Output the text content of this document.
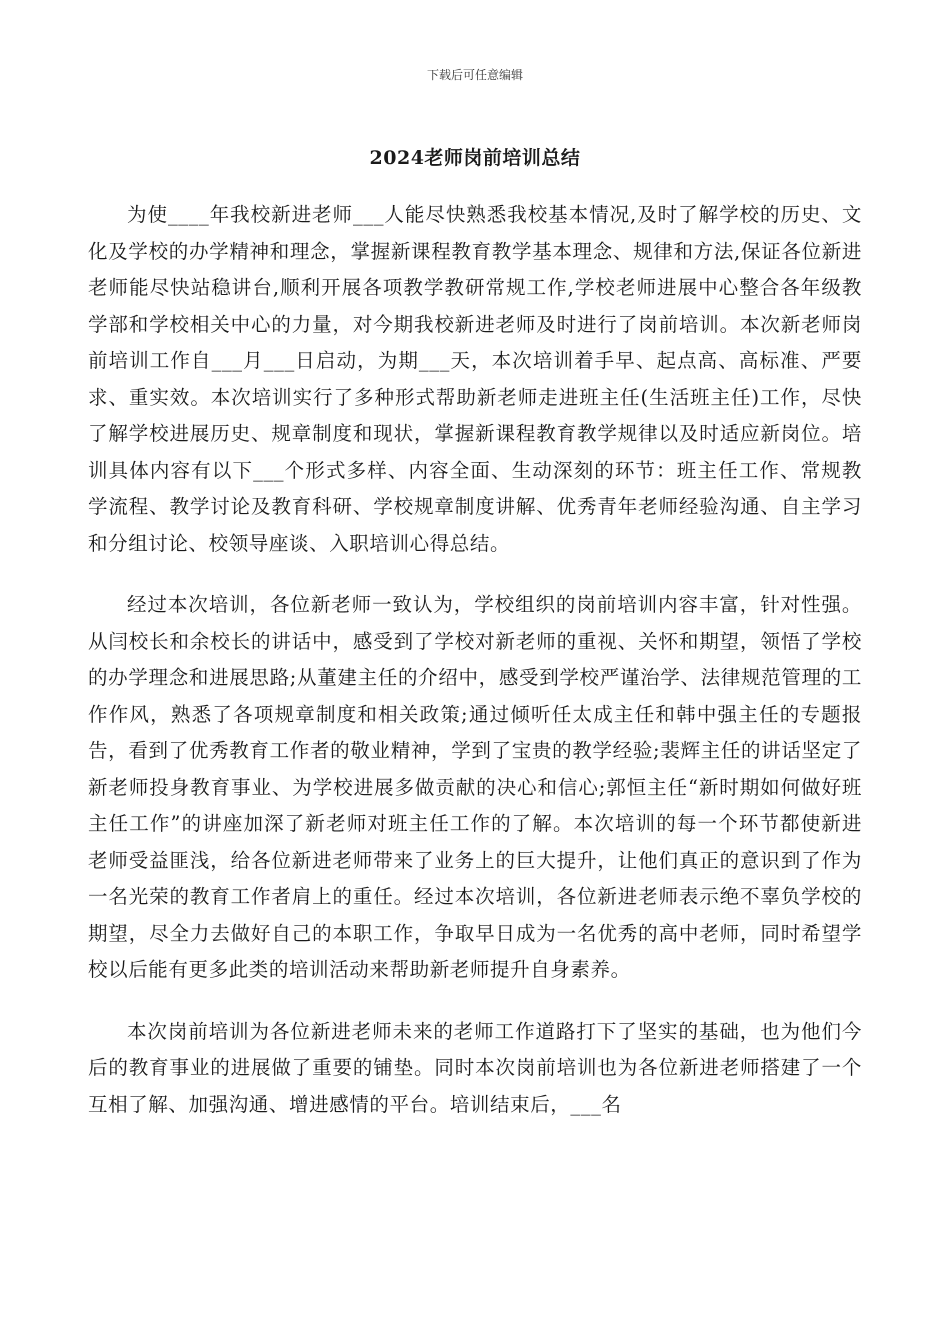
下载后可任意编辑
2024老师岗前培训总结

为使____年我校新进老师___人能尽快熟悉我校基本情况,及时了解学校的历史、文化及学校的办学精神和理念，掌握新课程教育教学基本理念、规律和方法,保证各位新进老师能尽快站稳讲台,顺利开展各项教学教研常规工作,学校老师进展中心整合各年级教学部和学校相关中心的力量，对今期我校新进老师及时进行了岗前培训。本次新老师岗前培训工作自___月___日启动，为期___天，本次培训着手早、起点高、高标准、严要求、重实效。本次培训实行了多种形式帮助新老师走进班主任(生活班主任)工作，尽快了解学校进展历史、规章制度和现状，掌握新课程教育教学规律以及时适应新岗位。培训具体内容有以下___个形式多样、内容全面、生动深刻的环节：班主任工作、常规教学流程、教学讨论及教育科研、学校规章制度讲解、优秀青年老师经验沟通、自主学习和分组讨论、校领导座谈、入职培训心得总结。

经过本次培训，各位新老师一致认为，学校组织的岗前培训内容丰富，针对性强。从闫校长和余校长的讲话中，感受到了学校对新老师的重视、关怀和期望，领悟了学校的办学理念和进展思路;从董建主任的介绍中，感受到学校严谨治学、法律规范管理的工作作风，熟悉了各项规章制度和相关政策;通过倾听任太成主任和韩中强主任的专题报告，看到了优秀教育工作者的敬业精神，学到了宝贵的教学经验;裴辉主任的讲话坚定了新老师投身教育事业、为学校进展多做贡献的决心和信心;郭恒主任“新时期如何做好班主任工作”的讲座加深了新老师对班主任工作的了解。本次培训的每一个环节都使新进老师受益匪浅，给各位新进老师带来了业务上的巨大提升，让他们真正的意识到了作为一名光荣的教育工作者肩上的重任。经过本次培训，各位新进老师表示绝不辜负学校的期望，尽全力去做好自己的本职工作，争取早日成为一名优秀的高中老师，同时希望学校以后能有更多此类的培训活动来帮助新老师提升自身素养。

本次岗前培训为各位新进老师未来的老师工作道路打下了坚实的基础，也为他们今后的教育事业的进展做了重要的铺垫。同时本次岗前培训也为各位新进老师搭建了一个互相了解、加强沟通、增进感情的平台。培训结束后，___名
